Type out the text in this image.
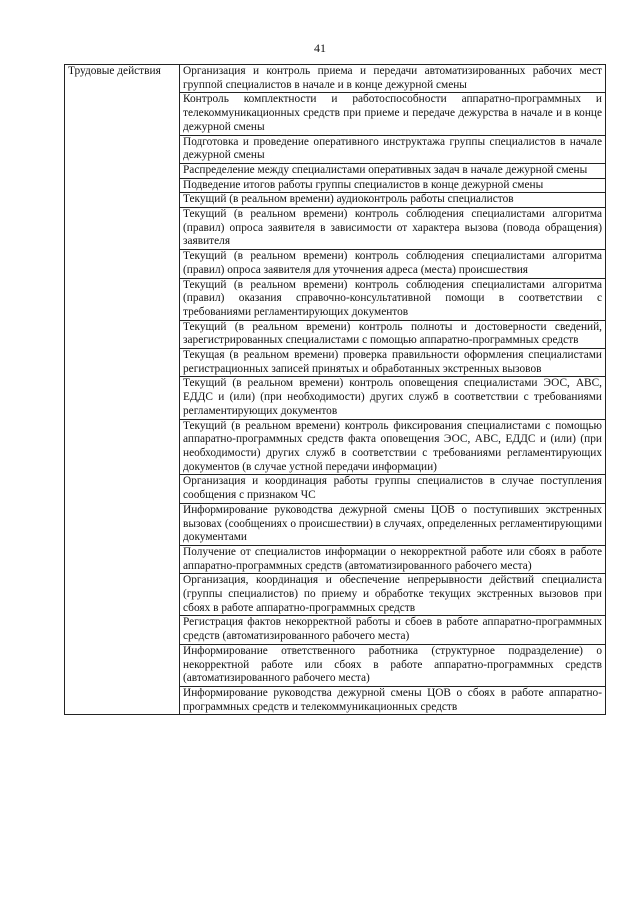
41
Трудовые действия	Организация и контроль приема и передачи автоматизированных рабочих мест группой специалистов в начале и в конце дежурной смены

Контроль комплектности и работоспособности аппаратно-программных и телекоммуникационных средств при приеме и передаче дежурства в начале и в конце дежурной смены

Подготовка и проведение оперативного инструктажа группы специалистов в начале дежурной смены

Распределение между специалистами оперативных задач в начале дежурной смены

Подведение итогов работы группы специалистов в конце дежурной смены

Текущий (в реальном времени) аудиоконтроль работы специалистов

Текущий (в реальном времени) контроль соблюдения специалистами алгоритма (правил) опроса заявителя в зависимости от характера вызова (повода обращения) заявителя

Текущий (в реальном времени) контроль соблюдения специалистами алгоритма (правил) опроса заявителя для уточнения адреса (места) происшествия

Текущий (в реальном времени) контроль соблюдения специалистами алгоритма (правил) оказания справочно-консультативной помощи в соответствии с требованиями регламентирующих документов

Текущий (в реальном времени) контроль полноты и достоверности сведений, зарегистрированных специалистами с помощью аппаратно-программных средств

Текущая (в реальном времени) проверка правильности оформления специалистами регистрационных записей принятых и обработанных экстренных вызовов

Текущий (в реальном времени) контроль оповещения специалистами ЭОС, АВС, ЕДДС и (или) (при необходимости) других служб в соответствии с требованиями регламентирующих документов

Текущий (в реальном времени) контроль фиксирования специалистами с помощью аппаратно-программных средств факта оповещения ЭОС, АВС, ЕДДС и (или) (при необходимости) других служб в соответствии с требованиями регламентирующих документов (в случае устной передачи информации)

Организация и координация работы группы специалистов в случае поступления сообщения с признаком ЧС

Информирование руководства дежурной смены ЦОВ о поступивших экстренных вызовах (сообщениях о происшествии) в случаях, определенных регламентирующими документами

Получение от специалистов информации о некорректной работе или сбоях в работе аппаратно-программных средств (автоматизированного рабочего места)

Организация, координация и обеспечение непрерывности действий специалиста (группы специалистов) по приему и обработке текущих экстренных вызовов при сбоях в работе аппаратно-программных средств

Регистрация фактов некорректной работы и сбоев в работе аппаратно-программных средств (автоматизированного рабочего места)

Информирование ответственного работника (структурное подразделение) о некорректной работе или сбоях в работе аппаратно-программных средств (автоматизированного рабочего места)

Информирование руководства дежурной смены ЦОВ о сбоях в работе аппаратно-программных средств и телекоммуникационных средств
